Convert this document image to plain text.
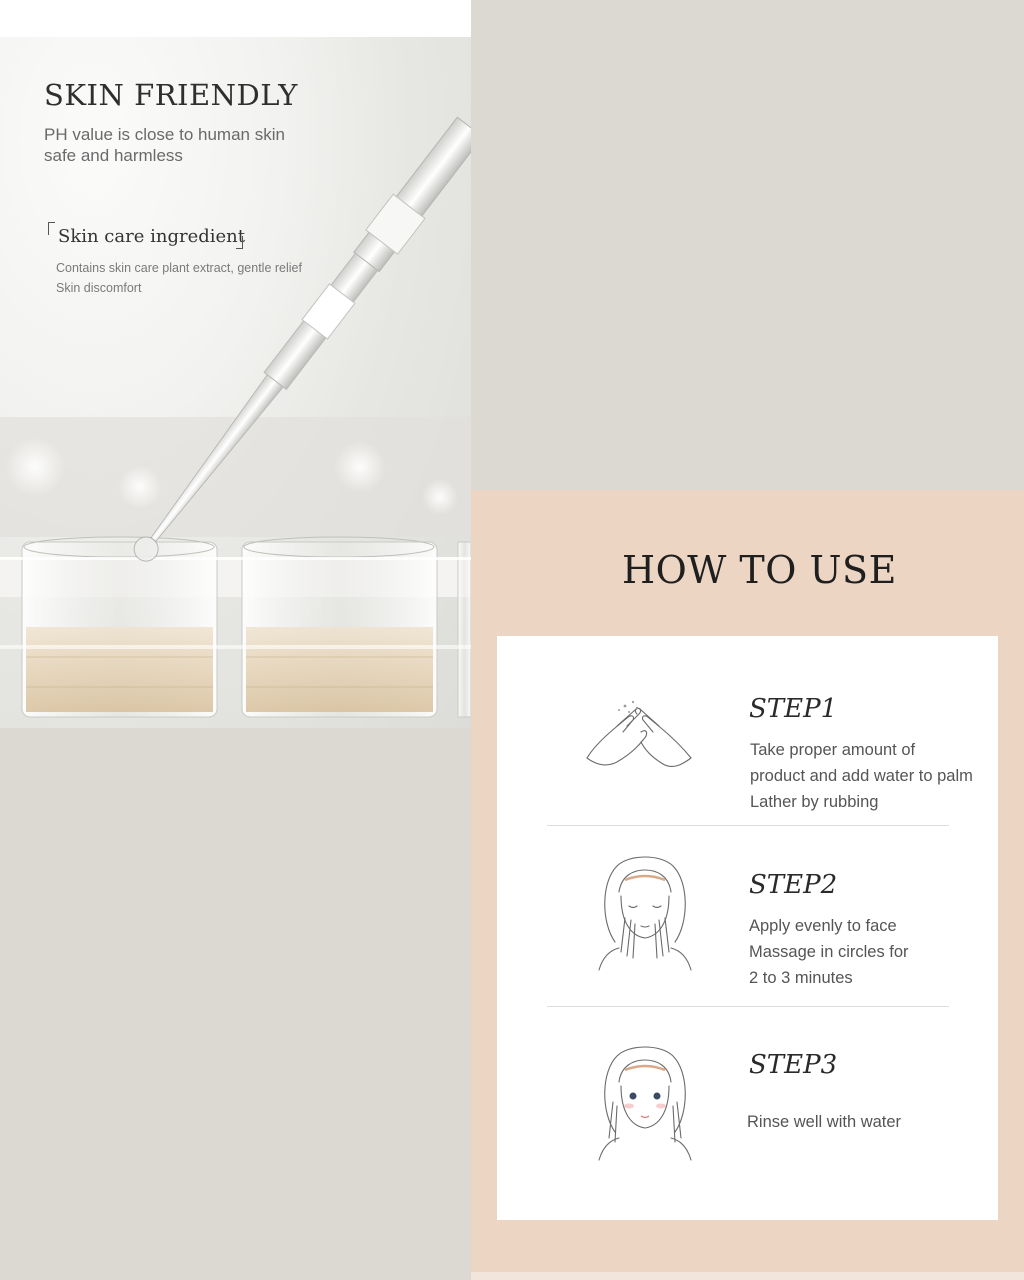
SKIN FRIENDLY
PH value is close to human skin
safe and harmless
Skin care ingredient
Contains skin care plant extract, gentle relief
Skin discomfort
HOW TO USE
STEP1
Take proper amount of
product and add water to palm
Lather by rubbing
STEP2
Apply evenly to face
Massage in circles for
2 to 3 minutes
STEP3
Rinse well with water
